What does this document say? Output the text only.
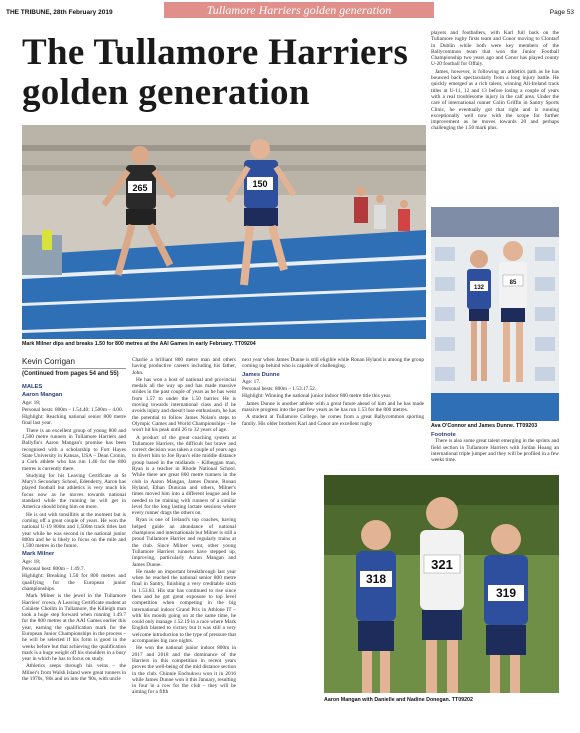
THE TRIBUNE, 28th February 2019	Tullamore Harriers golden generation	Page 53
The Tullamore Harriers golden generation
265	150
Mark Milner dips and breaks 1.50 for 800 metres at the AAI Games in early February. TT09204
132
85
Ava O'Connor and James Dunne. TT09203
318
321
319
Aaron Mangan with Danielle and Nadine Donegan. TT09202
Kevin Corrigan
(Continued from pages 54 and 55)
MALES
Aaron Mangan

Age: 18;

Personal bests: 800m – 1.54.40; 1,500m – 4.00.

Highlight: Reaching national senior 800 metre final last year.

There is an excellent group of young 800 and 1,500 metre runners in Tullamore Harriers and Ballyfin's Aaron Mangan's promise has been recognised with a scholarship to Fort Hayes State University in Kansas, USA – Dean Cronin, a Cork athlete who has run 1.46 for the 800 metres is currently there.

Studying for his Leaving Certificate at St Mary's Secondary School, Edenderry, Aaron has played football but athletics is very much his focus now as he moves towards national standard while the running he will get in America should bring him on more.

He is out with tonsillitis at the moment but is coming off a great couple of years. He won the national U-19 800m and 1,500m track titles last year while he was second in the national junior 800m and he is likely to focus on the mile and 1,500 metres in the future.

Mark Milner

Age: 18;

Personal best: 800m – 1.49.7.

Highlight: Breaking 1.50 for 800 metres and qualifying for the European junior championships.

Mark Milner is the jewel in the Tullamore Harriers' crown. A Leaving Certificate student at Coláiste Choilm in Tullamore, the Killeigh man took a huge step forward when running 1.49.7 for the 800 metres at the AAI Games earlier this year, earning the qualification mark for the European Junior Championships in the process – he will be selected if his form is good in the weeks before but that achieving the qualification mark is a huge weight off his shoulders in a busy year in which he has to focus on study.

Athletics seeps through his veins – the Milner's from Walsh Island were great runners in the 1970s, '80s and on into the '90s, with uncle

Charlie a brilliant 800 metre man and others having productive careers including his father, John.

He has won a host of national and provincial medals all the way up and has made massive strides in the past couple of years as he has went from 1.57 to under the 1.50 barrier. He is moving towards international class and if he avoids injury and doesn't lose enthusiasm, he has the potential to follow James Nolan's steps to Olympic Games and World Championships – he won't hit his peak until 26 to 32 years of age.

A product of the great coaching system at Tullamore Harriers, the difficult but brave and correct decision was taken a couple of years ago to divert him to Joe Ryan's elite middle distance group based in the midlands – Kilbeggan man, Ryan is a teacher in Rhode National School. While there are great 800 metre runners in the club in Aaron Mangan, James Dunne, Ronan Hyland, Ethan Dunican and others, Milner's times moved him into a different league and he needed to be training with runners of a similar level for the long lasting lactate sessions where every runner drags the others on.

Ryan is one of Ireland's top coaches, having helped guide an abundance of national champions and internationals but Milner is still a proud Tullamore Harrier and regularly trains at the club. Since Milner went, other young Tullamore Harriers runners have stepped up, improving, particularly Aaron Mangan and James Dunne.

He made an important breakthrough last year when he reached the national senior 800 metre final in Santry, finishing a very creditable sixth in 1.53.83. His star has continued to rise since then and he got great exposure to top level competition when competing in the big international indoor Grand Prix in Athlone IT – with his moods going on at the same time, he could only manage 1.52.19 in a race where Mark English blasted to victory but it was still a very welcome introduction to the type of pressure that accompanies big race nights.

He won the national junior indoor 800m in 2017 and 2018 and the dominance of the Harriers in this competition in recent years proves the well-being of the mid distance section in the club. Chinnie Enchukwu won it in 2016 while James Dunne won it this January, resulting in four in a row for the club – they will be aiming for a fifth

next year when James Dunne is still eligible while Ronan Hyland is among the group coming up behind who is capable of challenging.

James Dunne

Age: 17.

Personal bests: 800m – 1.53.17.52.

Highlight: Winning the national junior indoor 800 metre title this year.

James Dunne is another athlete with a great future ahead of him and he has made massive progress into the past few years as he has run 1.53 for the 800 metres.

A student at Tullamore College, he comes from a great Ballycommon sporting family. His older brothers Karl and Conor are excellent rugby

players and footballers, with Karl full back on the Tullamore rugby firsts team and Conor moving to Clontarf in Dublin while both were key members of the Ballycommon team that won the Junior Football Championship two years ago and Conor has played county U-20 football for Offaly.

James, however, is following an athletics path as he has bounced back spectacularly from a long injury battle. He quickly emerged as a rich talent, winning All-Ireland track titles at U-11, 12 and 13 before losing a couple of years with a real troublesome injury in the calf area. Under the care of international runner Colin Griffin in Santry Sports Clinic, he eventually got that right and is running exceptionally well now with the scope for further improvement as he moves towards 20 and perhaps challenging the 1.50 mark plus.

Footnote

There is also some great talent emerging in the sprints and field section in Tullamore Harriers with Jordan Hoang an international triple jumper and they will be profiled in a few weeks time.
